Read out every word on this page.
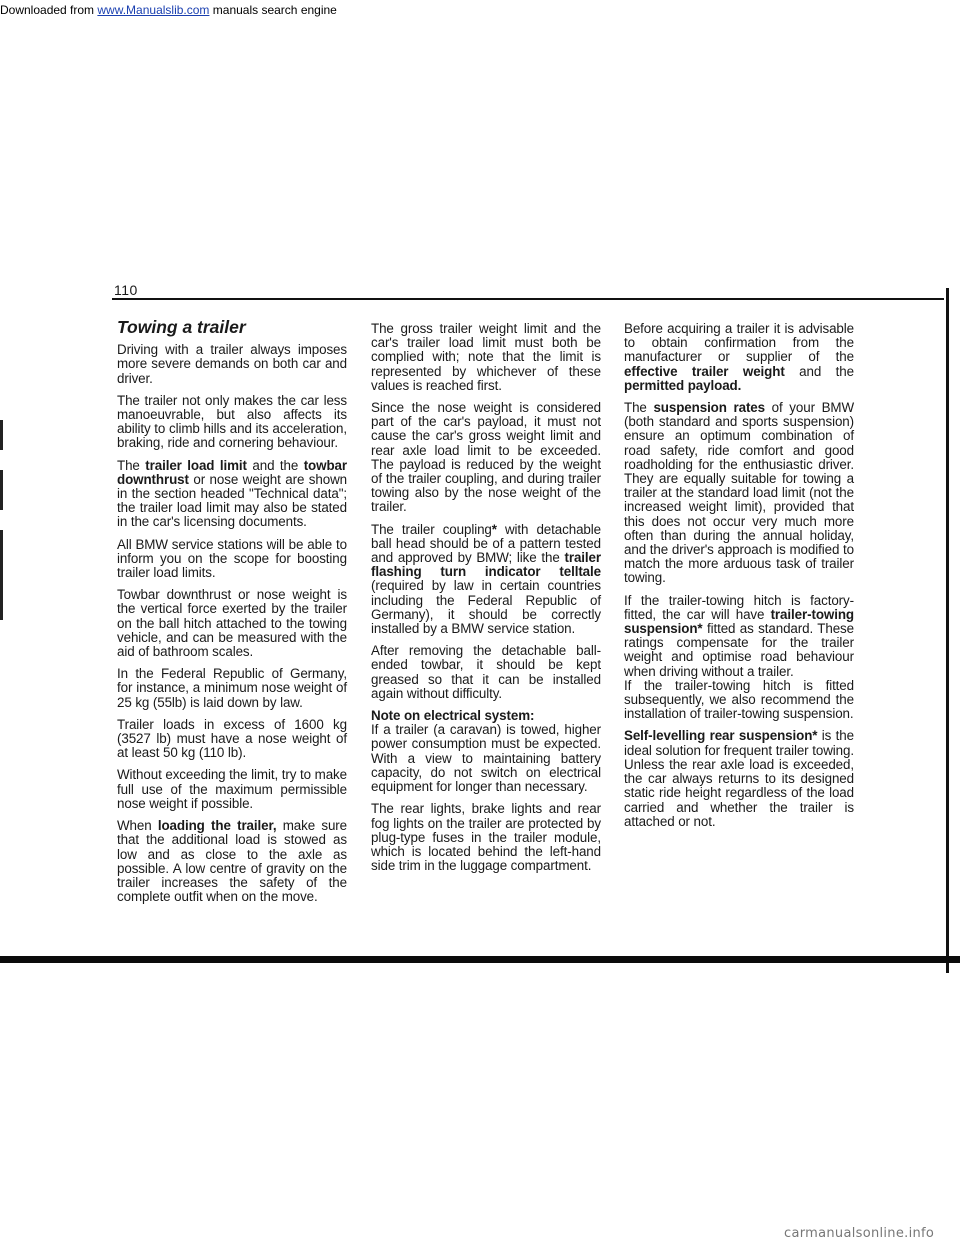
Downloaded from www.Manualslib.com manuals search engine
110
Towing a trailer

Driving with a trailer always imposes more severe demands on both car and driver.

The trailer not only makes the car less manoeuvrable, but also affects its ability to climb hills and its acceleration, braking, ride and cornering behaviour.

The trailer load limit and the towbar downthrust or nose weight are shown in the section headed "Technical data"; the trailer load limit may also be stated in the car's licensing documents.

All BMW service stations will be able to inform you on the scope for boosting trailer load limits.

Towbar downthrust or nose weight is the vertical force exerted by the trailer on the ball hitch attached to the towing vehicle, and can be measured with the aid of bathroom scales.

In the Federal Republic of Germany, for instance, a minimum nose weight of 25 kg (55lb) is laid down by law.

Trailer loads in excess of 1600 kg (3527 lb) must have a nose weight of at least 50 kg (110 lb).

Without exceeding the limit, try to make full use of the maximum permissible nose weight if possible.

When loading the trailer, make sure that the additional load is stowed as low and as close to the axle as possible. A low centre of gravity on the trailer increases the safety of the complete outfit when on the move.

The gross trailer weight limit and the car's trailer load limit must both be complied with; note that the limit is represented by whichever of these values is reached first.

Since the nose weight is considered part of the car's payload, it must not cause the car's gross weight limit and rear axle load limit to be exceeded. The payload is reduced by the weight of the trailer coupling, and during trailer towing also by the nose weight of the trailer.

The trailer coupling* with detachable ball head should be of a pattern tested and approved by BMW; like the trailer flashing turn indicator telltale (required by law in certain countries including the Federal Republic of Germany), it should be correctly installed by a BMW service station.

After removing the detachable ball-ended towbar, it should be kept greased so that it can be installed again without difficulty.

Note on electrical system:
If a trailer (a caravan) is towed, higher power consumption must be expected. With a view to maintaining battery capacity, do not switch on electrical equipment for longer than necessary.

The rear lights, brake lights and rear fog lights on the trailer are protected by plug-type fuses in the trailer module, which is located behind the left-hand side trim in the luggage compartment.

Before acquiring a trailer it is advisable to obtain confirmation from the manufacturer or supplier of the effective trailer weight and the permitted payload.

The suspension rates of your BMW (both standard and sports suspension) ensure an optimum combination of road safety, ride comfort and good roadholding for the enthusiastic driver. They are equally suitable for towing a trailer at the standard load limit (not the increased weight limit), provided that this does not occur very much more often than during the annual holiday, and the driver's approach is modified to match the more arduous task of trailer towing.

If the trailer-towing hitch is factory-fitted, the car will have trailer-towing suspension* fitted as standard. These ratings compensate for the trailer weight and optimise road behaviour when driving without a trailer.
If the trailer-towing hitch is fitted subsequently, we also recommend the installation of trailer-towing suspension.

Self-levelling rear suspension* is the ideal solution for frequent trailer towing. Unless the rear axle load is exceeded, the car always returns to its designed static ride height regardless of the load carried and whether the trailer is attached or not.

carmanualsonline.info
